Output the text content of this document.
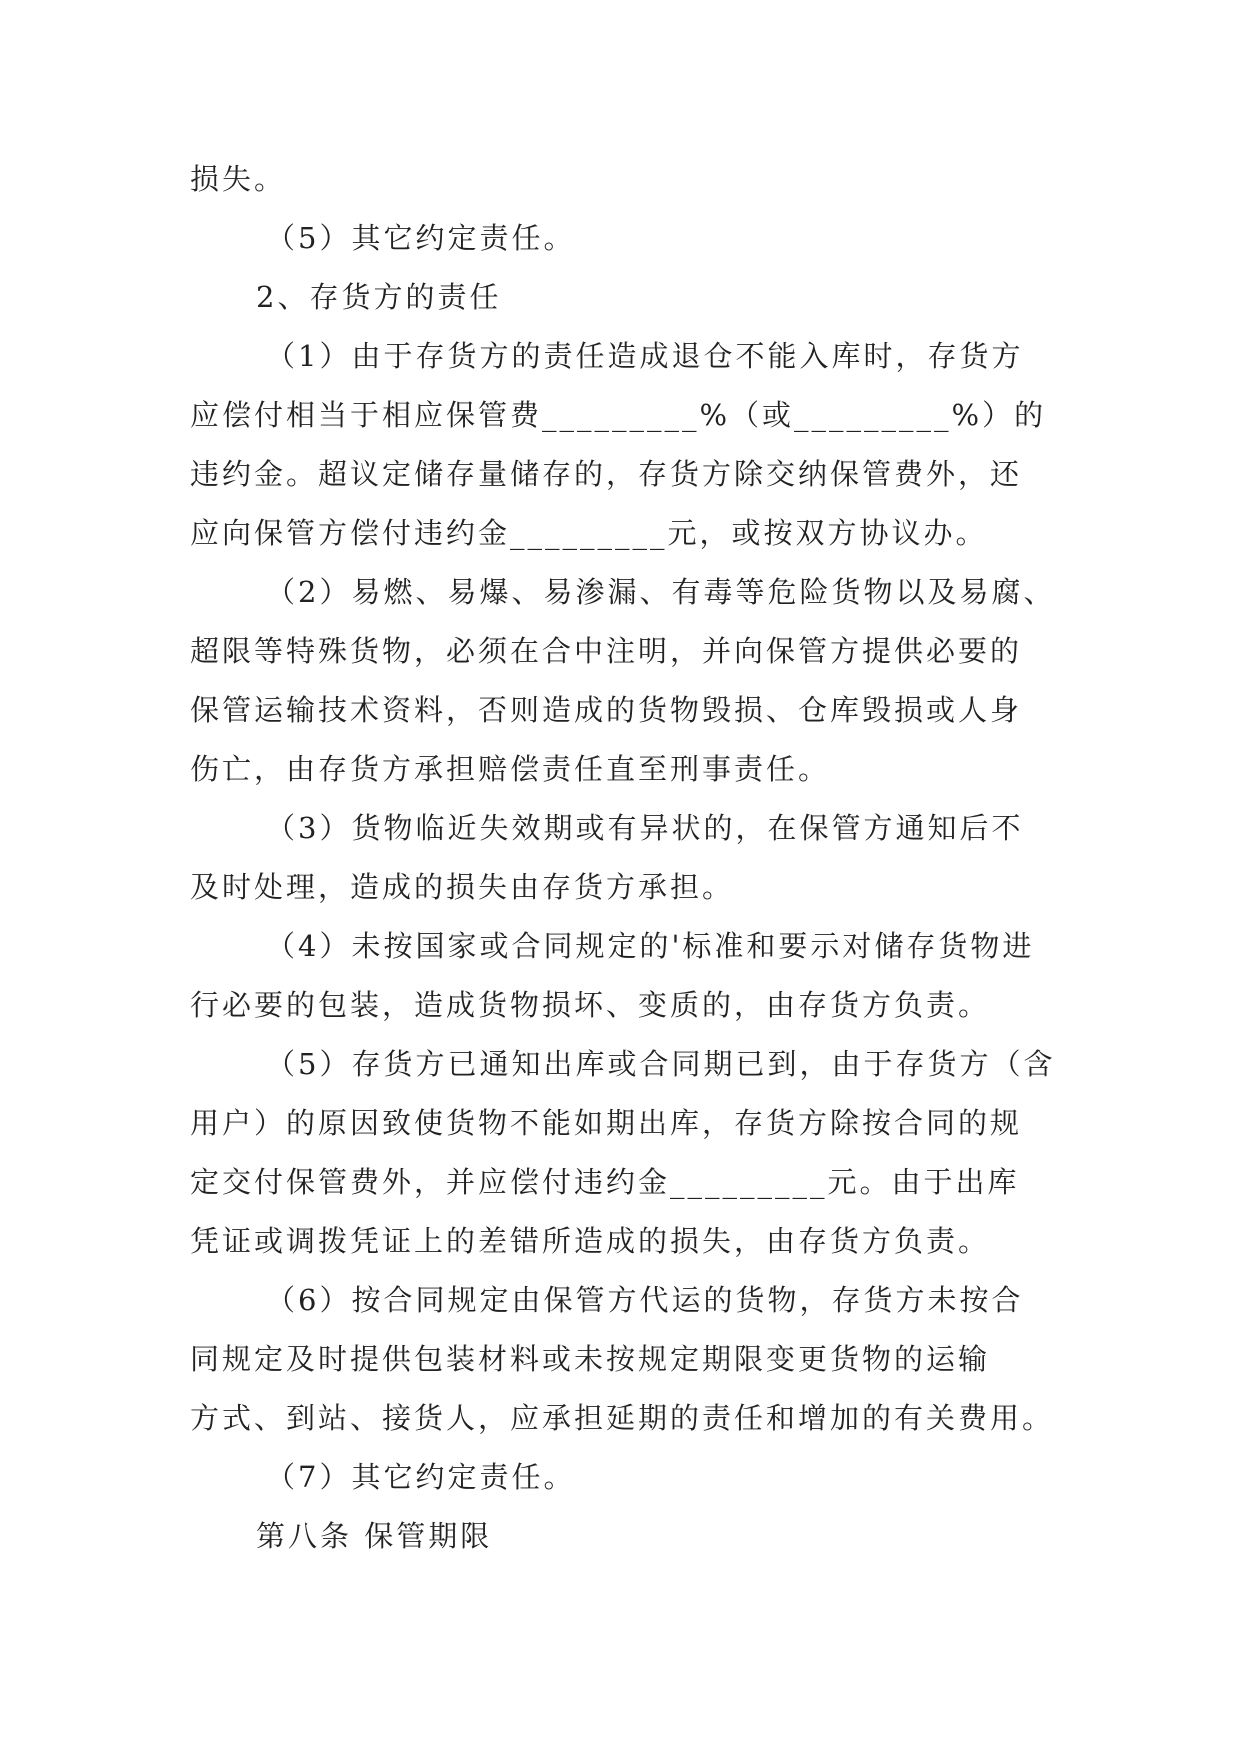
损失。

（5）其它约定责任。

2、存货方的责任

（1）由于存货方的责任造成退仓不能入库时，存货方

应偿付相当于相应保管费_________%（或_________%）的

违约金。超议定储存量储存的，存货方除交纳保管费外，还

应向保管方偿付违约金_________元，或按双方协议办。

（2）易燃、易爆、易渗漏、有毒等危险货物以及易腐、

超限等特殊货物，必须在合中注明，并向保管方提供必要的

保管运输技术资料，否则造成的货物毁损、仓库毁损或人身

伤亡，由存货方承担赔偿责任直至刑事责任。

（3）货物临近失效期或有异状的，在保管方通知后不

及时处理，造成的损失由存货方承担。

（4）未按国家或合同规定的'标准和要示对储存货物进

行必要的包装，造成货物损坏、变质的，由存货方负责。

（5）存货方已通知出库或合同期已到，由于存货方（含

用户）的原因致使货物不能如期出库，存货方除按合同的规

定交付保管费外，并应偿付违约金_________元。由于出库

凭证或调拨凭证上的差错所造成的损失，由存货方负责。

（6）按合同规定由保管方代运的货物，存货方未按合

同规定及时提供包装材料或未按规定期限变更货物的运输

方式、到站、接货人，应承担延期的责任和增加的有关费用。

（7）其它约定责任。

第八条 保管期限
